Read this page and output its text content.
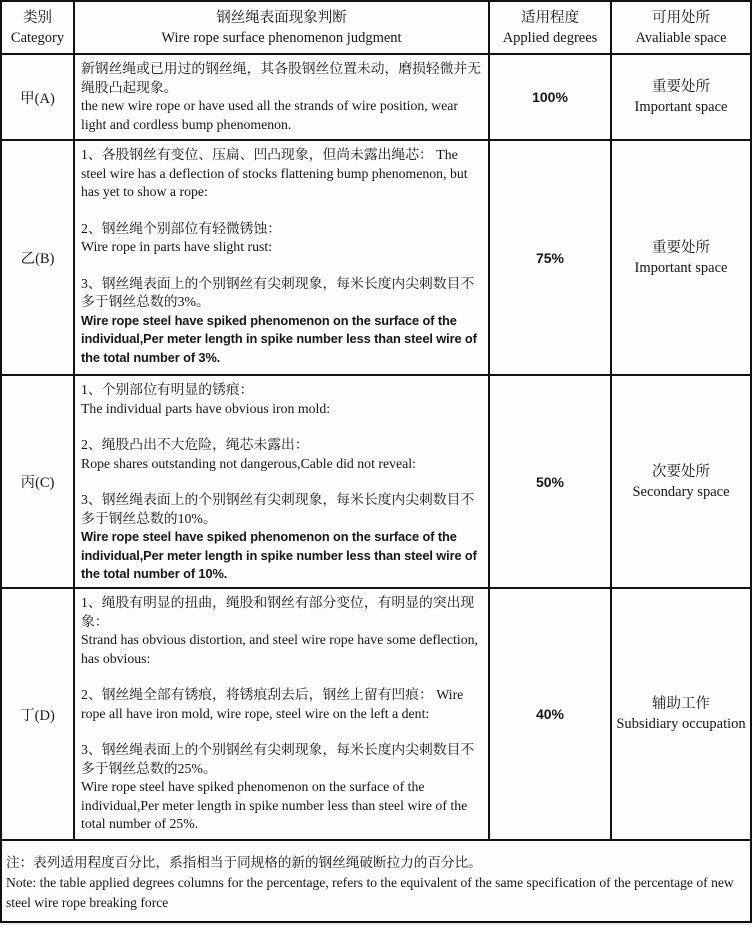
类别
Category
钢丝绳表面现象判断
Wire rope surface phenomenon judgment
适用程度
Applied degrees
可用处所
Avaliable space
甲(A)

新钢丝绳或已用过的钢丝绳，其各股钢丝位置未动，磨损轻微并无绳股凸起现象。
the new wire rope or have used all the strands of wire position, wear light and cordless bump phenomenon.

100%
重要处所
Important space
乙(B)

1、各股钢丝有变位、压扁、凹凸现象，但尚未露出绳芯： The steel wire has a deflection of stocks flattening bump phenomenon, but has yet to show a rope:

2、钢丝绳个别部位有轻微锈蚀：
Wire rope in parts have slight rust:

3、钢丝绳表面上的个别钢丝有尖刺现象，每米长度内尖刺数目不多于钢丝总数的3%。
Wire rope steel have spiked phenomenon on the surface of the individual,Per meter length in spike number less than steel wire of the total number of 3%.

75%
重要处所
Important space
丙(C)

1、个别部位有明显的锈痕：
The individual parts have obvious iron mold:

2、绳股凸出不大危险，绳芯未露出：
Rope shares outstanding not dangerous,Cable did not reveal:

3、钢丝绳表面上的个别钢丝有尖刺现象，每米长度内尖刺数目不多于钢丝总数的10%。
Wire rope steel have spiked phenomenon on the surface of the individual,Per meter length in spike number less than steel wire of the total number of 10%.

50%
次要处所
Secondary space
丁(D)

1、绳股有明显的扭曲，绳股和钢丝有部分变位，有明显的突出现象：
Strand has obvious distortion, and steel wire rope have some deflection, has obvious:

2、钢丝绳全部有锈痕，将锈痕刮去后，钢丝上留有凹痕： Wire rope all have iron mold, wire rope, steel wire on the left a dent:

3、钢丝绳表面上的个别钢丝有尖刺现象，每米长度内尖刺数目不多于钢丝总数的25%。
Wire rope steel have spiked phenomenon on the surface of the individual,Per meter length in spike number less than steel wire of the total number of 25%.

40%
辅助工作
Subsidiary occupation
注：表列适用程度百分比，系指相当于同规格的新的钢丝绳破断拉力的百分比。
Note: the table applied degrees columns for the percentage, refers to the equivalent of the same specification of the percentage of new steel wire rope breaking force
